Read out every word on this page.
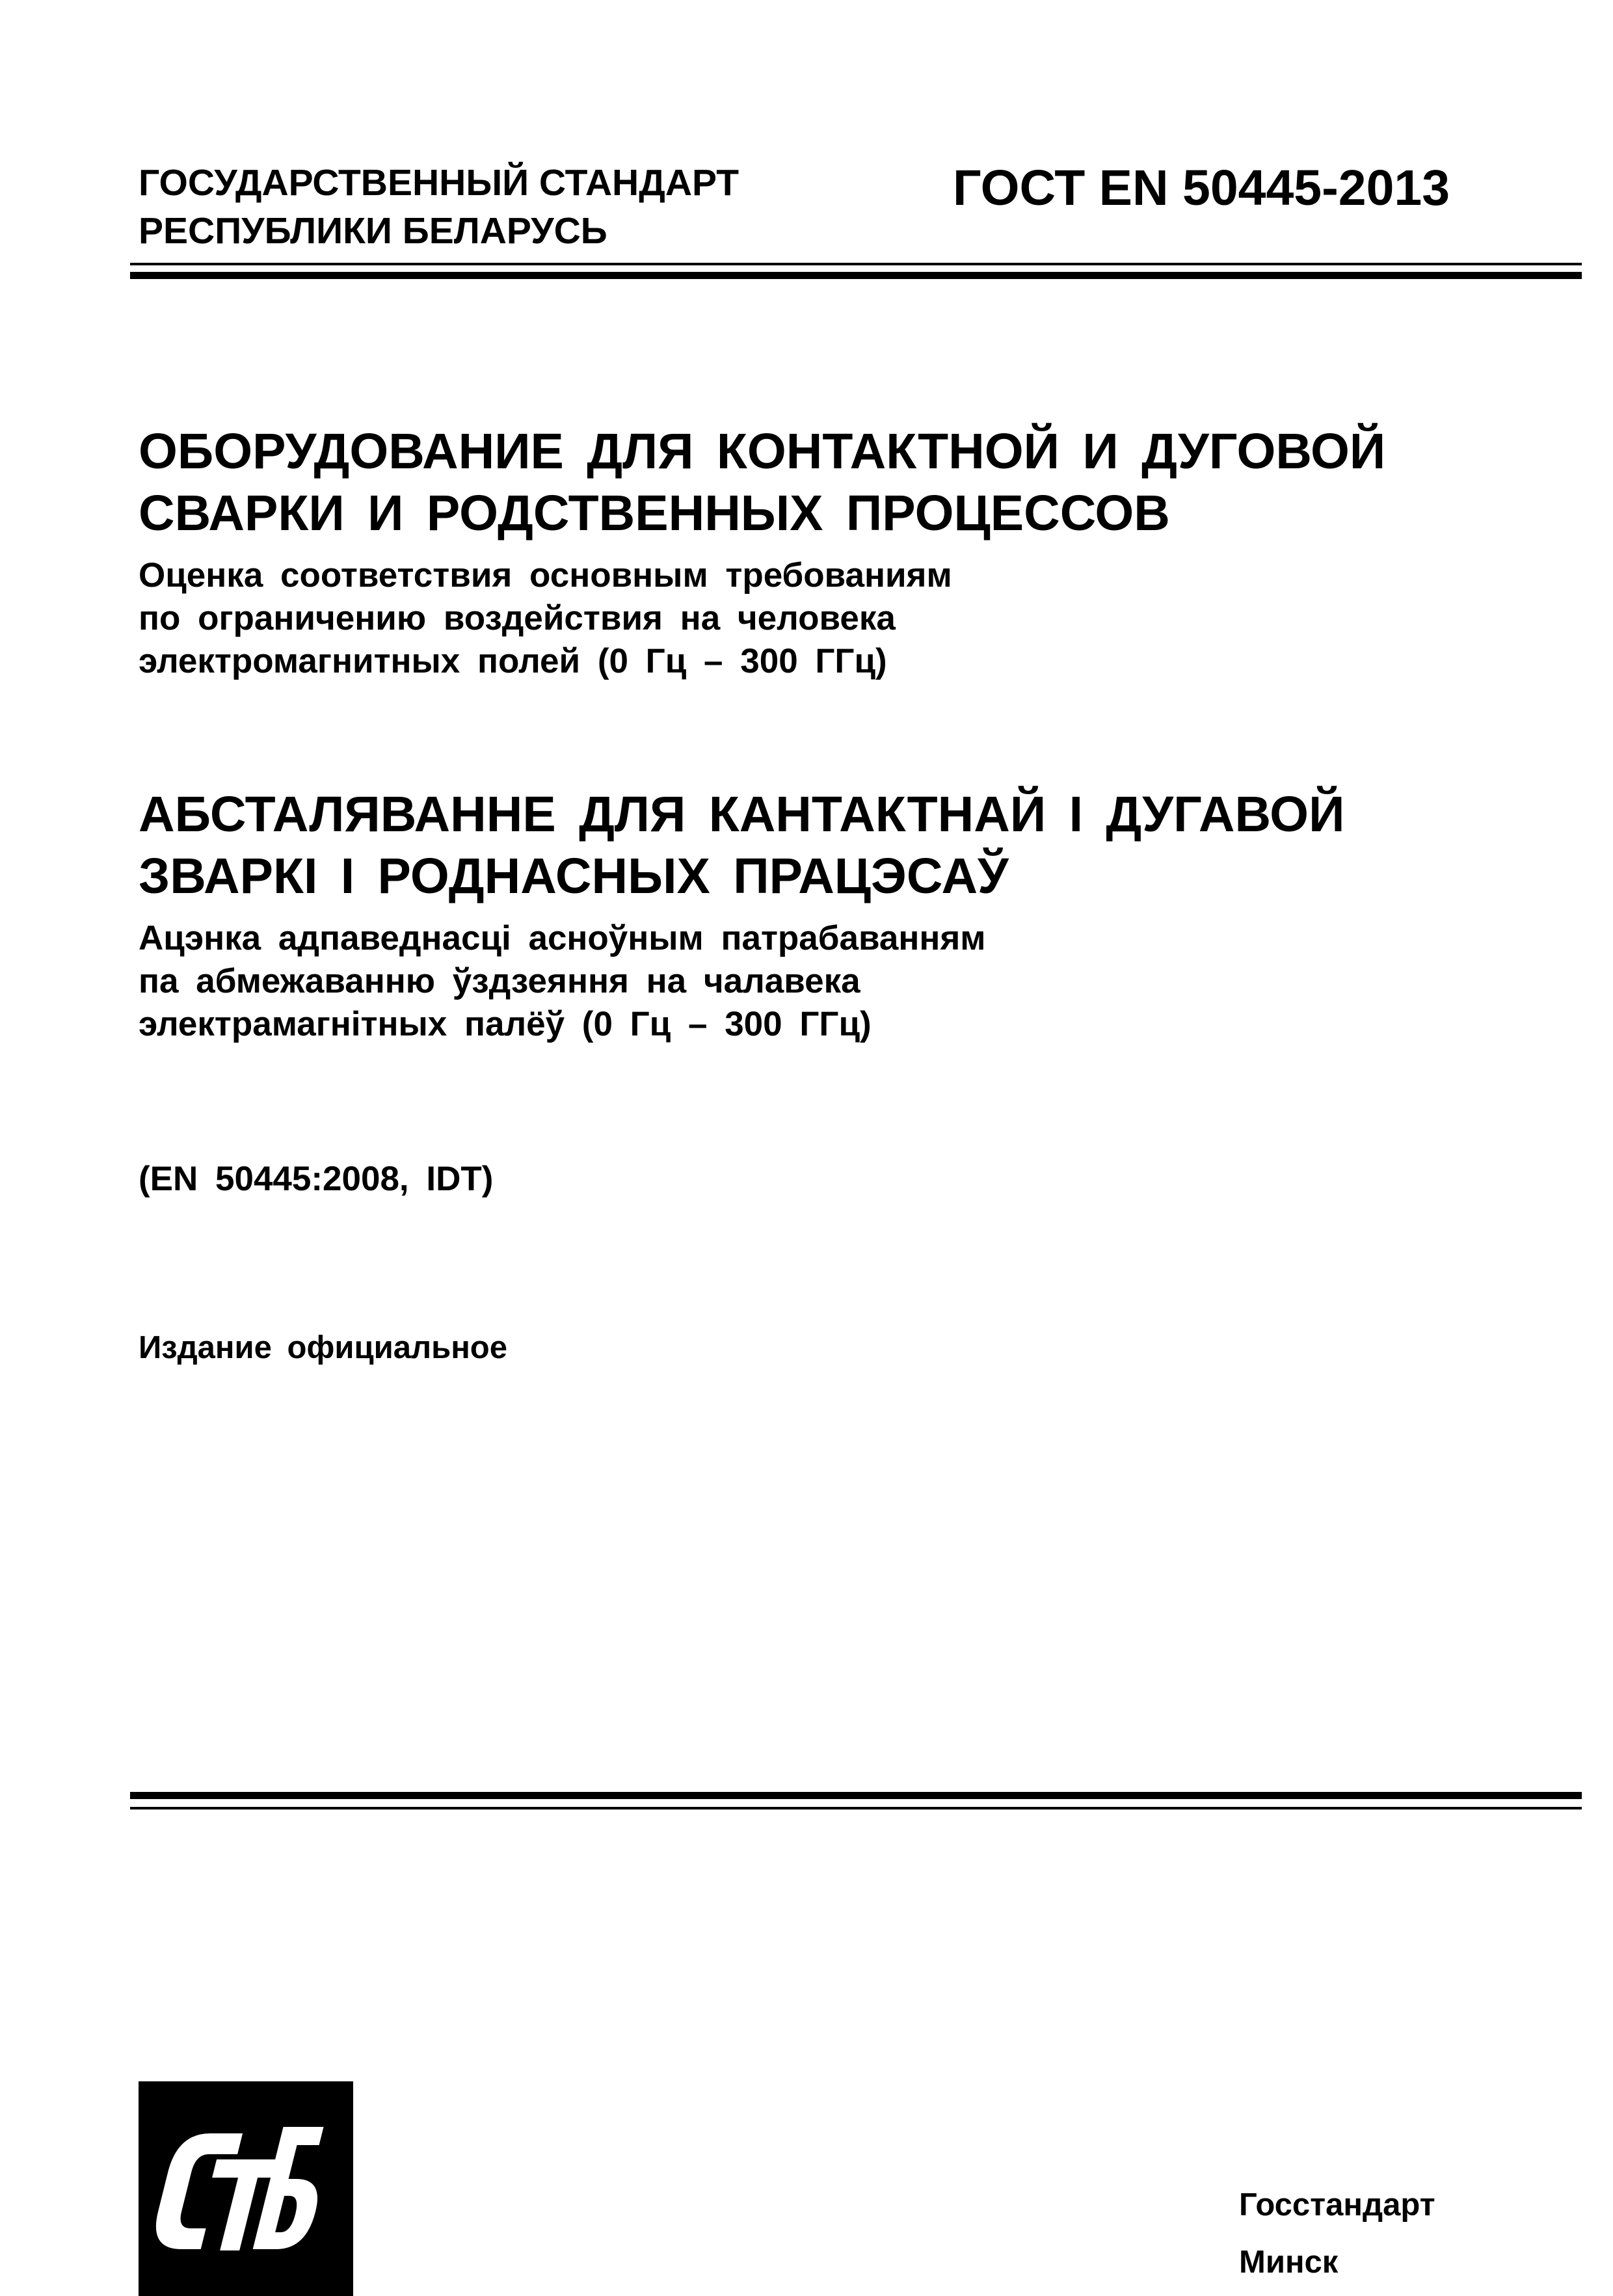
ГОСУДАРСТВЕННЫЙ СТАНДАРТ
РЕСПУБЛИКИ БЕЛАРУСЬ
ГОСТ EN 50445-2013
ОБОРУДОВАНИЕ ДЛЯ КОНТАКТНОЙ И ДУГОВОЙ
СВАРКИ И РОДСТВЕННЫХ ПРОЦЕССОВ
Оценка соответствия основным требованиям
по ограничению воздействия на человека
электромагнитных полей (0 Гц – 300 ГГц)
АБСТАЛЯВАННЕ ДЛЯ КАНТАКТНАЙ І ДУГАВОЙ
ЗВАРКІ І РОДНАСНЫХ ПРАЦЭСАЎ
Ацэнка адпаведнасці асноўным патрабаванням
па абмежаванню ўздзеяння на чалавека
электрамагнітных палёў (0 Гц – 300 ГГц)
(EN 50445:2008, IDT)
Издание официальное
Госстандарт
Минск
